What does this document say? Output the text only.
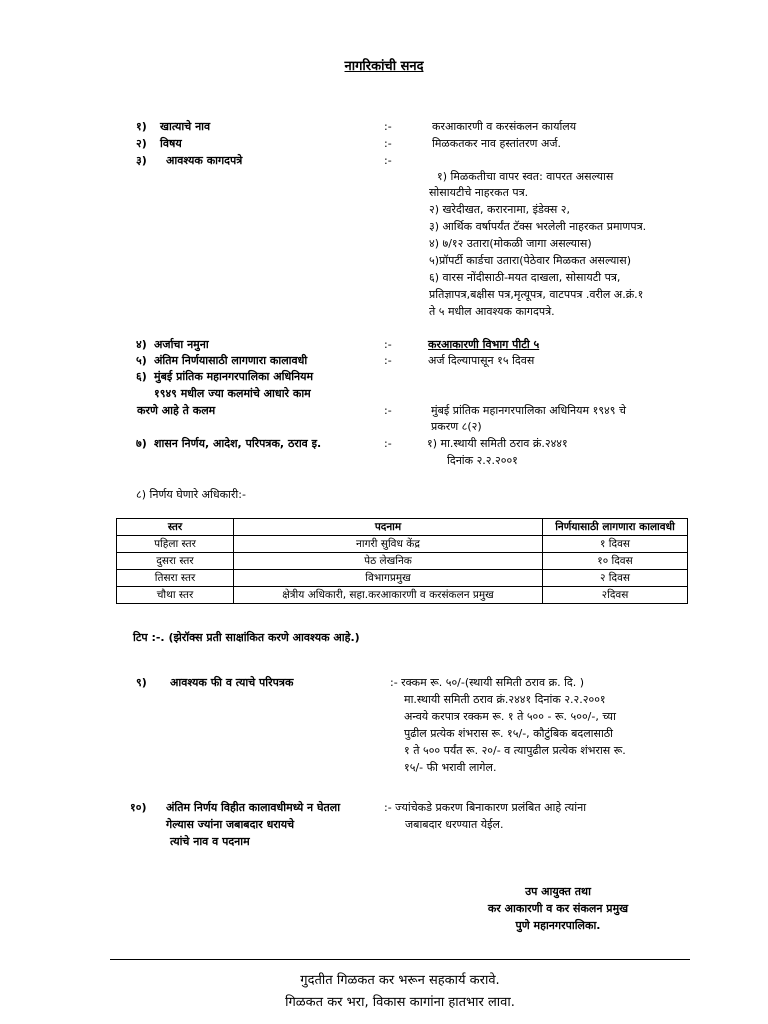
नागरिकांची सनद
१) खात्याचे नाव	:-	करआकारणी व करसंकलन कार्यालय
२) विषय	:-	मिळकतकर नाव हस्तांतरण अर्ज.
३) आवश्यक कागदपत्रे	:-
१) मिळकतीचा वापर स्वत: वापरत असल्यास
सोसायटीचे नाहरकत पत्र.
२) खरेदीखत, करारनामा, इंडेक्स २,
३) आर्थिक वर्षापर्यंत टॅक्स भरलेली नाहरकत प्रमाणपत्र.
४) ७/१२ उतारा(मोकळी जागा असल्यास)
५)प्रॉपर्टी कार्डचा उतारा(पेठेवार मिळकत असल्यास)
६) वारस नोंदीसाठी-मयत दाखला, सोसायटी पत्र,
प्रतिज्ञापत्र,बक्षीस पत्र,मृत्यूपत्र, वाटपपत्र .वरील अ.क्रं.१
ते ५ मधील आवश्यक कागदपत्रे.
४) अर्जाचा नमुना	:-	करआकारणी विभाग पीटी ५
५) अंतिम निर्णयासाठी लागणारा कालावधी	:-	अर्ज दिल्यापासून १५ दिवस
६) मुंबई प्रांतिक महानगरपालिका अधिनियम
१९४९ मधील ज्या कलमांचे आधारे काम
करणे आहे ते कलम	:-	मुंबई प्रांतिक महानगरपालिका अधिनियम १९४९ चे
प्रकरण ८(२)
७) शासन निर्णय, आदेश, परिपत्रक, ठराव इ.	:-	१) मा.स्थायी समिती ठराव क्रं.२४४१
दिनांक २.२.२००१
८) निर्णय घेणारे अधिकारी:-
स्तर	पदनाम	निर्णयासाठी लागणारा कालावधी
पहिला स्तर	नागरी सुविध केंद्र	१ दिवस
दुसरा स्तर	पेठ लेखनिक	१० दिवस
तिसरा स्तर	विभागप्रमुख	२ दिवस
चौथा स्तर	क्षेत्रीय अधिकारी, सहा.करआकारणी व करसंकलन प्रमुख	२दिवस
टिप :-. (झेरॉक्स प्रती साक्षांकित करणे आवश्यक आहे.)
९) आवश्यक फी व त्याचे परिपत्रक	:- रक्कम रू. ५०/-(स्थायी समिती ठराव क्र. दि. )
मा.स्थायी समिती ठराव क्रं.२४४१ दिनांक २.२.२००१
अन्वये करपात्र रक्कम रू. १ ते ५०० - रू. ५००/-, च्या
पुढील प्रत्येक शंभरास रू. १५/-, कौटुंबिक बदलासाठी
१ ते ५०० पर्यंत रू. २०/- व त्यापुढील प्रत्येक शंभरास रू.
१५/- फी भरावी लागेल.
१०) अंतिम निर्णय विहीत कालावधीमध्ये न घेतला
गेल्यास ज्यांना जबाबदार धरायचे
त्यांचे नाव व पदनाम
:- ज्यांचेकडे प्रकरण बिनाकारण प्रलंबित आहे त्यांना
जबाबदार धरण्यात येईल.
उप आयुक्त तथा
कर आकारणी व कर संकलन प्रमुख
पुणे महानगरपालिका.
गुदतीत गिळकत कर भरून सहकार्य करावे.
गिळकत कर भरा, विकास कागांना हातभार लावा.
